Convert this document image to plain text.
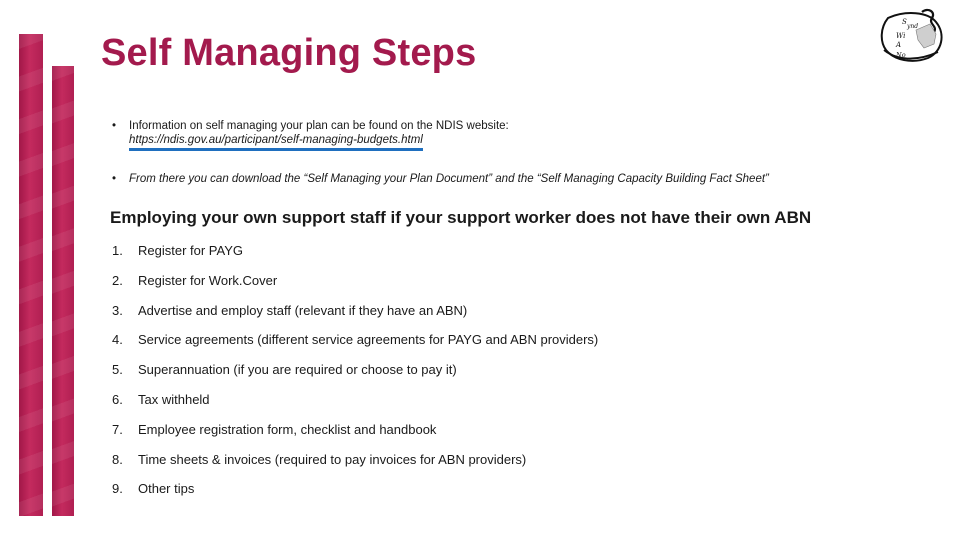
Self Managing Steps
S
ynd
Wi
A
No
•	Information on self managing your plan can be found on the NDIS website:
https://ndis.gov.au/participant/self-managing-budgets.html
•	From there you can download the “Self Managing your Plan Document” and the “Self Managing Capacity Building Fact Sheet”
Employing your own support staff if your support worker does not have their own ABN
1.	Register for PAYG
2.	Register for Work.Cover
3.	Advertise and employ staff (relevant if they have an ABN)
4.	Service agreements (different service agreements for PAYG and ABN providers)
5.	Superannuation (if you are required or choose to pay it)
6.	Tax withheld
7.	Employee registration form, checklist and handbook
8.	Time sheets & invoices (required to pay invoices for ABN providers)
9.	Other tips
